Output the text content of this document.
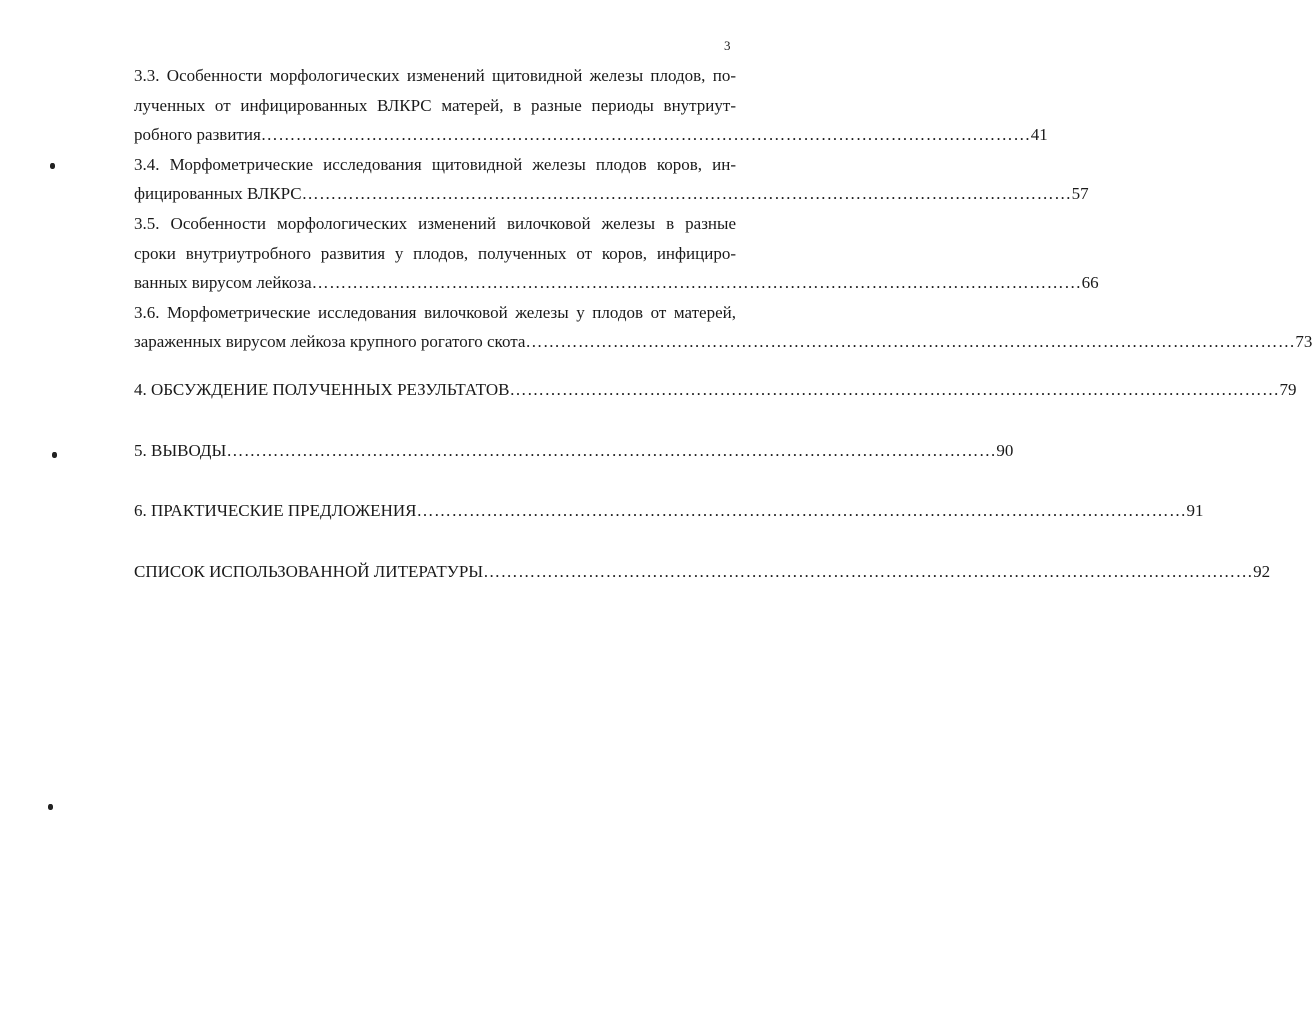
3
3.3. Особенности морфологических изменений щитовидной железы плодов, по-
лученных от инфицированных ВЛКРС матерей, в разные периоды внутриут-
робного развития …………………………………………………………………………………………………………………… 41
3.4. Морфометрические исследования щитовидной железы плодов коров, ин-
фицированных ВЛКРС …………………………………………………………………………………………………………………… 57
3.5. Особенности морфологических изменений вилочковой железы в разные
сроки внутриутробного развития у плодов, полученных от коров, инфициро-
ванных вирусом лейкоза …………………………………………………………………………………………………………………… 66
3.6. Морфометрические исследования вилочковой железы у плодов от матерей,
зараженных вирусом лейкоза крупного рогатого скота …………………………………………………………………………………………………………………… 73
4. ОБСУЖДЕНИЕ ПОЛУЧЕННЫХ РЕЗУЛЬТАТОВ …………………………………………………………………………………………………………………… 79
5. ВЫВОДЫ …………………………………………………………………………………………………………………… 90
6. ПРАКТИЧЕСКИЕ ПРЕДЛОЖЕНИЯ …………………………………………………………………………………………………………………… 91
СПИСОК ИСПОЛЬЗОВАННОЙ ЛИТЕРАТУРЫ …………………………………………………………………………………………………………………… 92
